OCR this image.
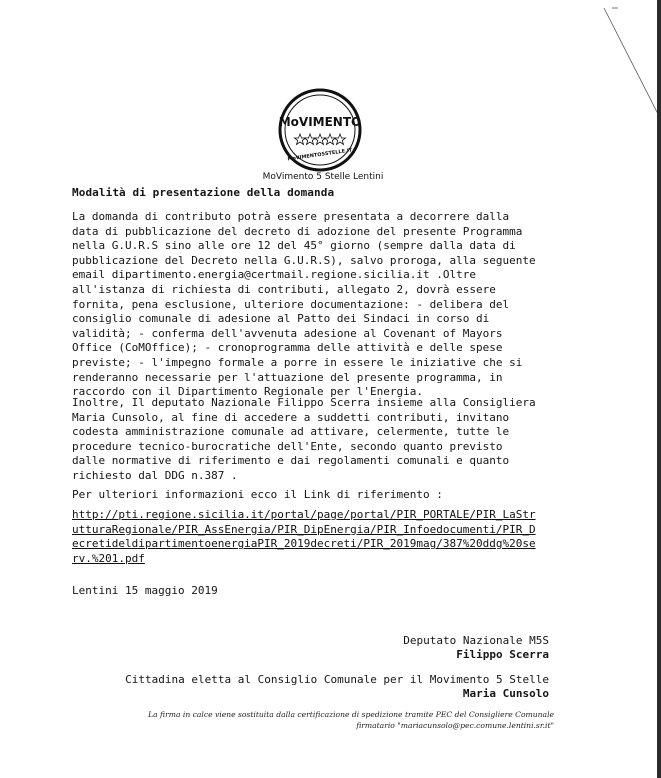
MoVIMENTO
MoVIMENTO5STELLE.IT
MoVimento 5 Stelle Lentini
Modalità di presentazione della domanda

La domanda di contributo potrà essere presentata a decorrere dalla data di pubblicazione del decreto di adozione del presente Programma nella G.U.R.S sino alle ore 12 del 45° giorno (sempre dalla data di pubblicazione del Decreto nella G.U.R.S), salvo proroga, alla seguente email dipartimento.energia@certmail.regione.sicilia.it .Oltre all'istanza di richiesta di contributi, allegato 2, dovrà essere fornita, pena esclusione, ulteriore documentazione: - delibera del consiglio comunale di adesione al Patto dei Sindaci in corso di validità; - conferma dell'avvenuta adesione al Covenant of Mayors Office (CoMOffice); - cronoprogramma delle attività e delle spese previste; - l'impegno formale a porre in essere le iniziative che si renderanno necessarie per l'attuazione del presente programma, in raccordo con il Dipartimento Regionale per l'Energia.

Inoltre, Il deputato Nazionale Filippo Scerra insieme alla Consigliera Maria Cunsolo, al fine di accedere a suddetti contributi, invitano codesta amministrazione comunale ad attivare, celermente, tutte le procedure tecnico-burocratiche dell'Ente, secondo quanto previsto dalle normative di riferimento e dai regolamenti comunali e quanto richiesto dal DDG n.387 .

Per ulteriori informazioni ecco il Link di riferimento :

http://pti.regione.sicilia.it/portal/page/portal/PIR_PORTALE/PIR_LaStrutturaRegionale/PIR_AssEnergia/PIR_DipEnergia/PIR_Infoedocumenti/PIR_DecretideldipartimentoenergiaPIR_2019decreti/PIR_2019mag/387%20ddg%20serv.%201.pdf
Lentini 15 maggio 2019
Deputato Nazionale M5S
Filippo Scerra
Cittadina eletta al Consiglio Comunale per il Movimento 5 Stelle
Maria Cunsolo
La firma in calce viene sostituita dalla certificazione di spedizione tramite PEC del Consigliere Comunale firmatario "mariacunsolo@pec.comune.lentini.sr.it"
